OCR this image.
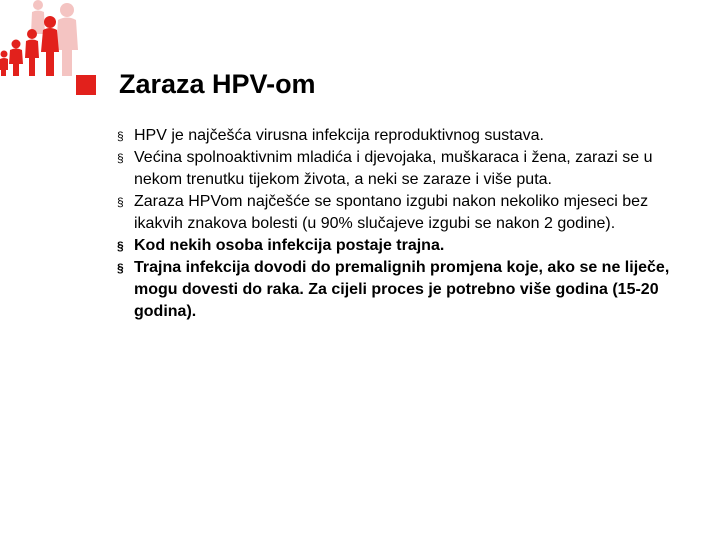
Zaraza HPV-om
§ HPV je najčešća virusna infekcija reproduktivnog sustava.
§ Većina spolnoaktivnim mladića i djevojaka, muškaraca i žena, zarazi se u nekom trenutku tijekom života, a neki se zaraze i više puta.
§ Zaraza HPVom najčešće se spontano izgubi nakon nekoliko mjeseci bez ikakvih znakova bolesti (u 90% slučajeve izgubi se nakon 2 godine).
§ Kod nekih osoba infekcija postaje trajna.
§ Trajna infekcija dovodi do premalignih promjena koje, ako se ne liječe, mogu dovesti do raka. Za cijeli proces je potrebno više godina (15-20 godina).
